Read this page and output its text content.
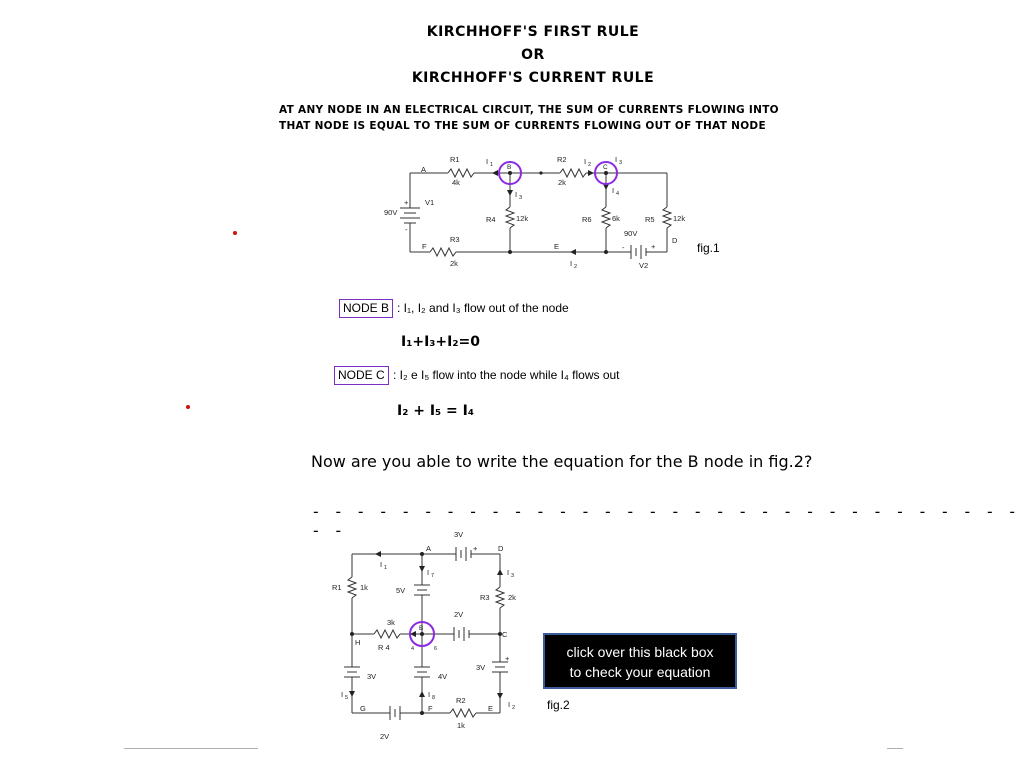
KIRCHHOFF'S FIRST RULE
OR
KIRCHHOFF'S CURRENT RULE
AT ANY NODE IN AN ELECTRICAL CIRCUIT, THE SUM OF CURRENTS FLOWING INTO
THAT NODE IS EQUAL TO THE SUM OF CURRENTS FLOWING OUT OF THAT NODE
R1
4k
A
I 1 B
R2
2k
I 2
I 3
C
I 3
I 4
R4	12k	R6	6k	R5 12k
V1
90V
+
-
F
R3
2k
E
I 2
90V
V2
-	+
D
fig.1
NODE B : I₁, I₂ and I₃ flow out of the node
I₁+I₃+I₂=0
NODE C : I₂ e I₅ flow into the node while I₄ flows out
I₂ + I₅ = I₄
Now are you able to write the equation for the B node in fig.2?
- - - - - - - - - - - - - - - - - - - - - - - - - - - - - - - - - -	3V
A	D
+
I 1	I 7	I 3
R1 1k	5V
R3 2k
2V
3k
R 4
B
C
H
4	6
3V	4V
3V
+
I 5	I 8
I 2
G	F	E
R2
1k
2V
fig.2
click over this black box
to check your equation
